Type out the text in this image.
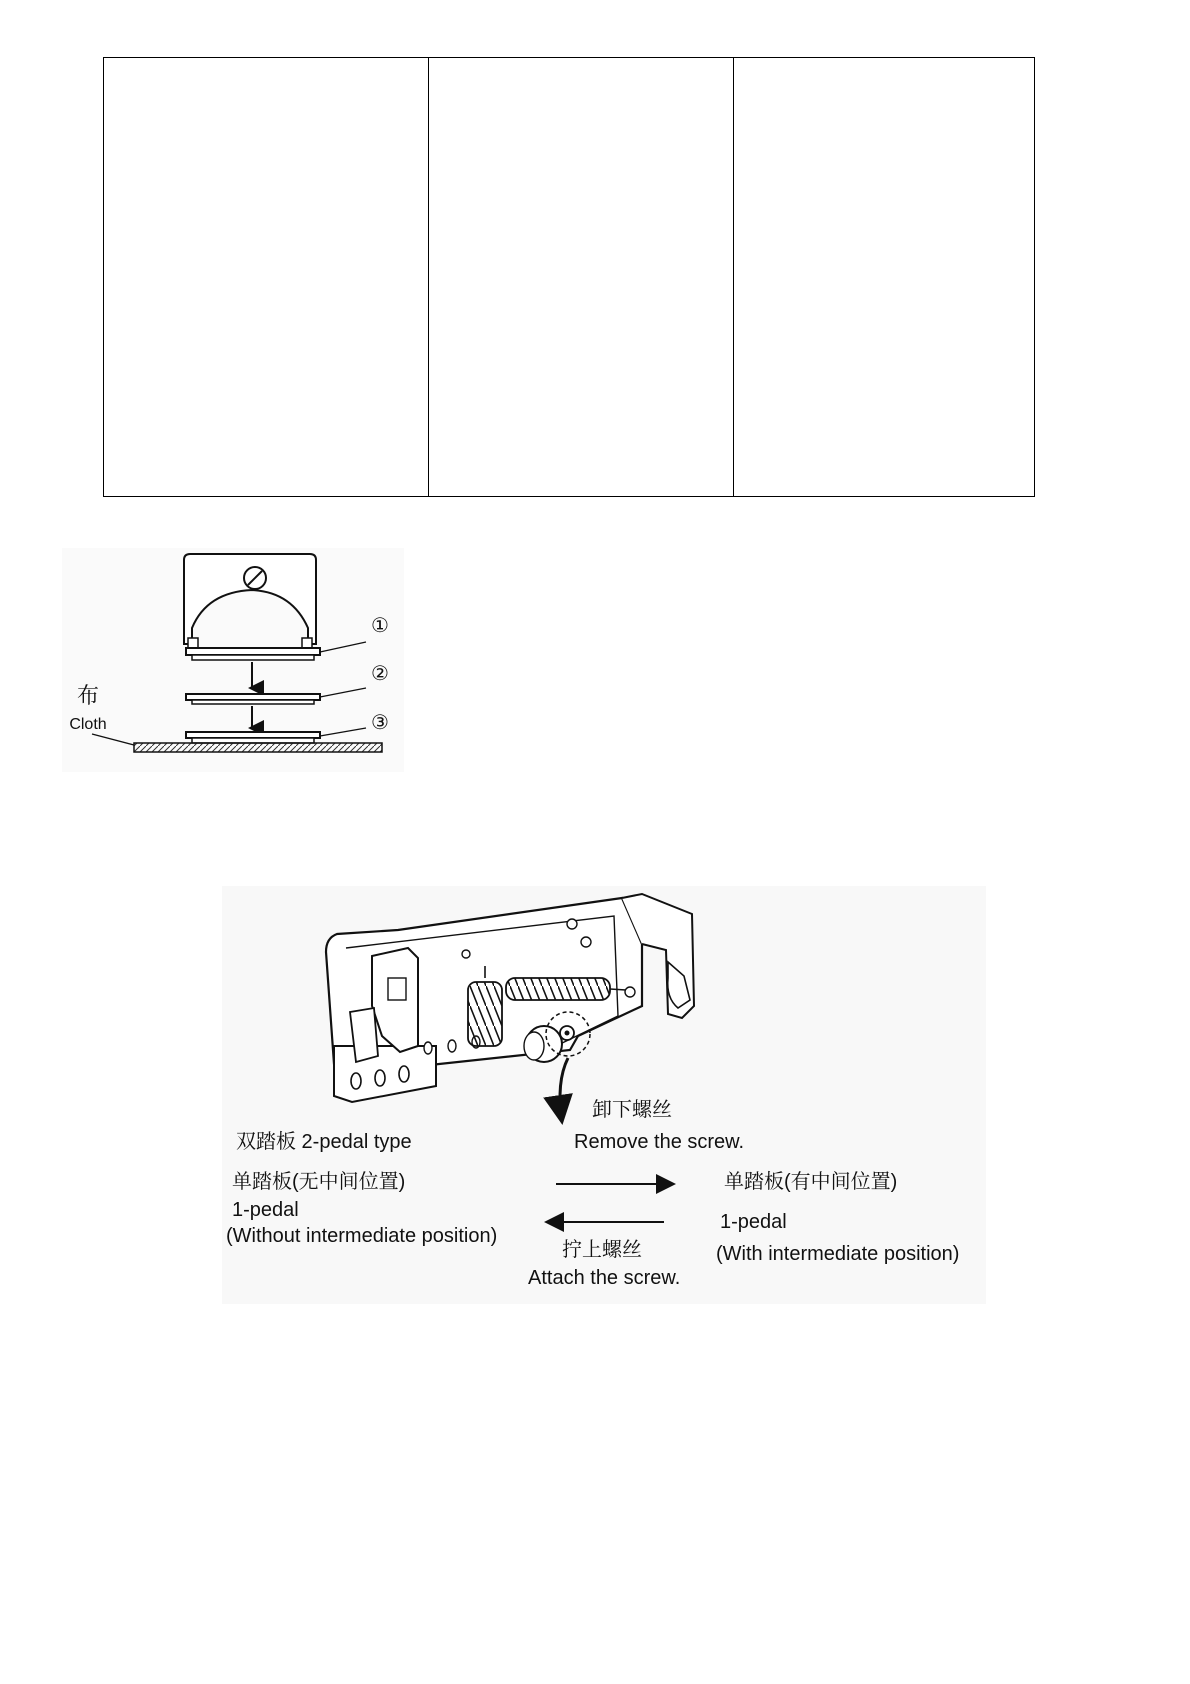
①
②
③
布
Cloth
卸下螺丝
Remove the screw.
双踏板 2-pedal type
单踏板(无中间位置)
1-pedal
(Without intermediate position)
拧上螺丝
Attach the screw.
单踏板(有中间位置)
1-pedal
(With intermediate position)
